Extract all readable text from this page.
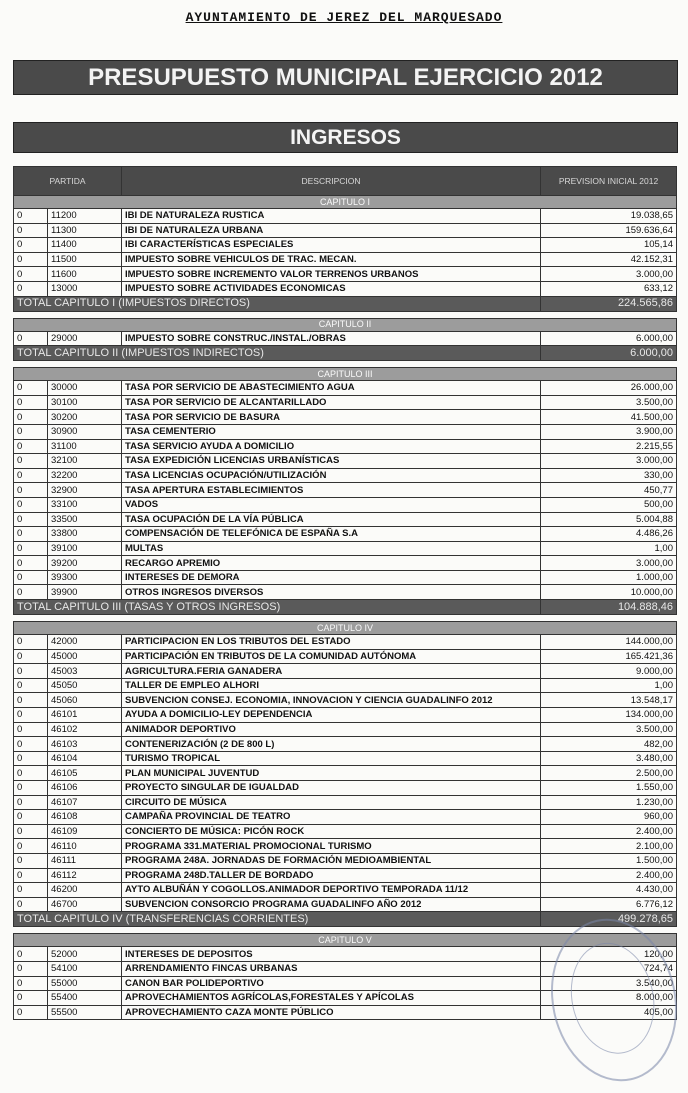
AYUNTAMIENTO DE JEREZ DEL MARQUESADO
PRESUPUESTO MUNICIPAL EJERCICIO 2012
INGRESOS
PARTIDA		DESCRIPCION	PREVISION INICIAL 2012
CAPITULO I			
0	11200	IBI DE NATURALEZA RUSTICA	19.038,65
0	11300	IBI DE NATURALEZA URBANA	159.636,64
0	11400	IBI CARACTERÍSTICAS ESPECIALES	105,14
0	11500	IMPUESTO SOBRE VEHICULOS DE TRAC. MECAN.	42.152,31
0	11600	IMPUESTO SOBRE INCREMENTO VALOR TERRENOS URBANOS	3.000,00
0	13000	IMPUESTO SOBRE ACTIVIDADES ECONOMICAS	633,12
TOTAL CAPITULO I (IMPUESTOS DIRECTOS)			224.565,86

CAPITULO II			
0	29000	IMPUESTO SOBRE CONSTRUC./INSTAL./OBRAS	6.000,00
TOTAL CAPITULO II (IMPUESTOS INDIRECTOS)			6.000,00

CAPITULO III			
0	30000	TASA POR SERVICIO DE ABASTECIMIENTO AGUA	26.000,00
0	30100	TASA POR SERVICIO DE ALCANTARILLADO	3.500,00
0	30200	TASA POR SERVICIO DE BASURA	41.500,00
0	30900	TASA CEMENTERIO	3.900,00
0	31100	TASA SERVICIO AYUDA A DOMICILIO	2.215,55
0	32100	TASA EXPEDICIÓN LICENCIAS URBANÍSTICAS	3.000,00
0	32200	TASA LICENCIAS OCUPACIÓN/UTILIZACIÓN	330,00
0	32900	TASA APERTURA ESTABLECIMIENTOS	450,77
0	33100	VADOS	500,00
0	33500	TASA OCUPACIÓN DE LA VÍA PÚBLICA	5.004,88
0	33800	COMPENSACIÓN DE TELEFÓNICA DE ESPAÑA S.A	4.486,26
0	39100	MULTAS	1,00
0	39200	RECARGO APREMIO	3.000,00
0	39300	INTERESES DE DEMORA	1.000,00
0	39900	OTROS INGRESOS DIVERSOS	10.000,00
TOTAL CAPITULO III (TASAS Y OTROS INGRESOS)			104.888,46

CAPITULO IV			
0	42000	PARTICIPACION EN LOS TRIBUTOS DEL ESTADO	144.000,00
0	45000	PARTICIPACIÓN EN TRIBUTOS DE LA COMUNIDAD AUTÓNOMA	165.421,36
0	45003	AGRICULTURA.FERIA GANADERA	9.000,00
0	45050	TALLER DE EMPLEO ALHORI	1,00
0	45060	SUBVENCION CONSEJ. ECONOMIA, INNOVACION Y CIENCIA GUADALINFO 2012	13.548,17
0	46101	AYUDA A DOMICILIO-LEY DEPENDENCIA	134.000,00
0	46102	ANIMADOR DEPORTIVO	3.500,00
0	46103	CONTENERIZACIÓN (2 DE 800 L)	482,00
0	46104	TURISMO TROPICAL	3.480,00
0	46105	PLAN MUNICIPAL JUVENTUD	2.500,00
0	46106	PROYECTO SINGULAR DE IGUALDAD	1.550,00
0	46107	CIRCUITO DE MÚSICA	1.230,00
0	46108	CAMPAÑA PROVINCIAL DE TEATRO	960,00
0	46109	CONCIERTO DE MÚSICA: PICÓN ROCK	2.400,00
0	46110	PROGRAMA 331.MATERIAL PROMOCIONAL TURISMO	2.100,00
0	46111	PROGRAMA 248A. JORNADAS DE FORMACIÓN MEDIOAMBIENTAL	1.500,00
0	46112	PROGRAMA 248D.TALLER DE BORDADO	2.400,00
0	46200	AYTO ALBUÑÁN Y COGOLLOS.ANIMADOR DEPORTIVO TEMPORADA 11/12	4.430,00
0	46700	SUBVENCION CONSORCIO PROGRAMA GUADALINFO AÑO 2012	6.776,12
TOTAL CAPITULO IV (TRANSFERENCIAS CORRIENTES)			499.278,65

CAPITULO V			
0	52000	INTERESES DE DEPOSITOS	120,00
0	54100	ARRENDAMIENTO FINCAS URBANAS	724,74
0	55000	CANON BAR POLIDEPORTIVO	3.540,00
0	55400	APROVECHAMIENTOS AGRÍCOLAS,FORESTALES Y APÍCOLAS	8.000,00
0	55500	APROVECHAMIENTO CAZA MONTE PÚBLICO	405,00
